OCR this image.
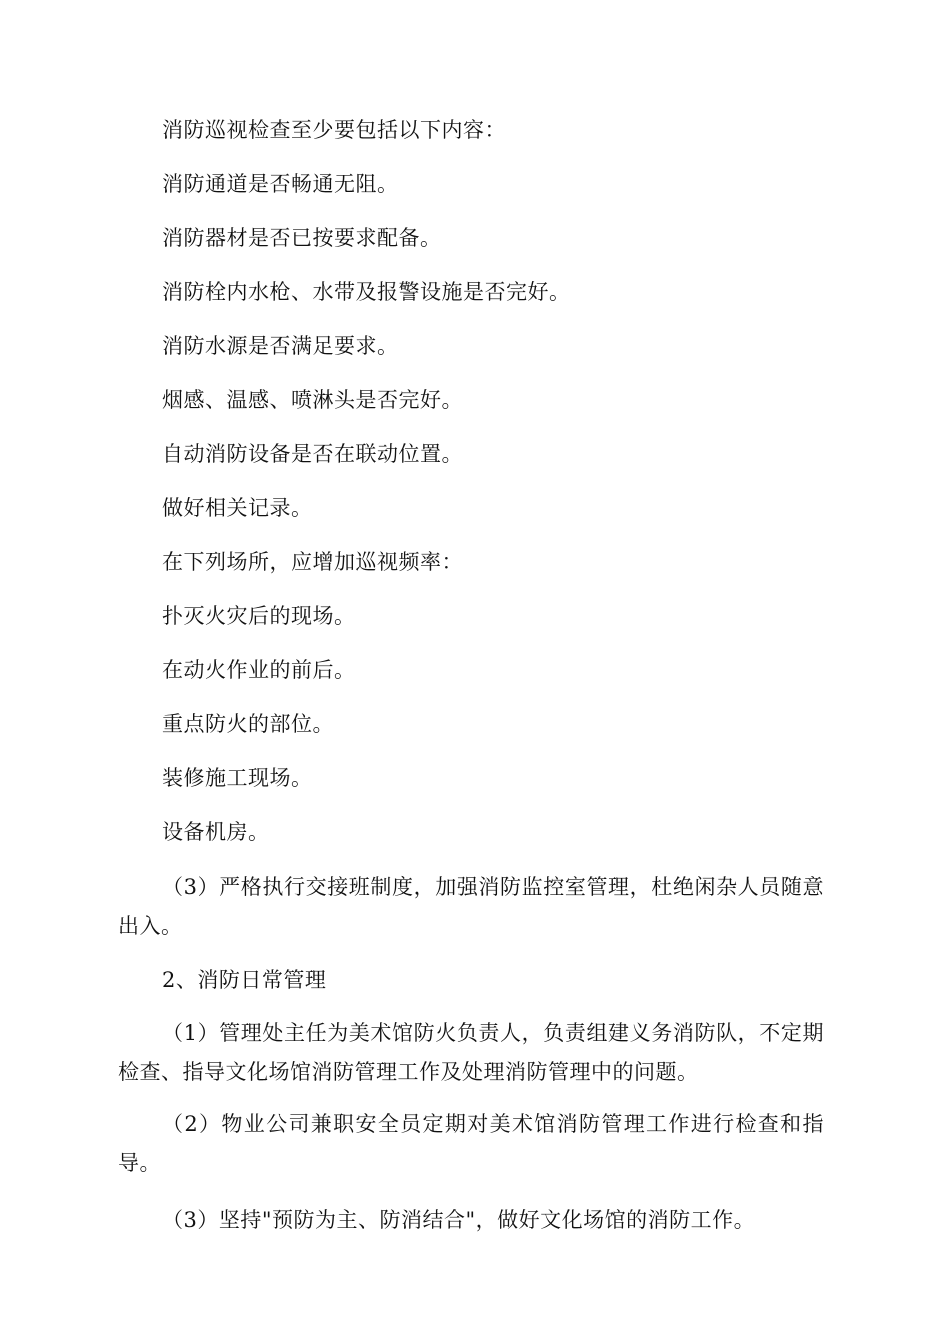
消防巡视检查至少要包括以下内容：

消防通道是否畅通无阻。

消防器材是否已按要求配备。

消防栓内水枪、水带及报警设施是否完好。

消防水源是否满足要求。

烟感、温感、喷淋头是否完好。

自动消防设备是否在联动位置。

做好相关记录。

在下列场所，应增加巡视频率：

扑灭火灾后的现场。

在动火作业的前后。

重点防火的部位。

装修施工现场。

设备机房。

（3）严格执行交接班制度，加强消防监控室管理，杜绝闲杂人员随意出入。

2、消防日常管理

（1）管理处主任为美术馆防火负责人，负责组建义务消防队，不定期检查、指导文化场馆消防管理工作及处理消防管理中的问题。

（2）物业公司兼职安全员定期对美术馆消防管理工作进行检查和指导。

（3）坚持"预防为主、防消结合"，做好文化场馆的消防工作。
